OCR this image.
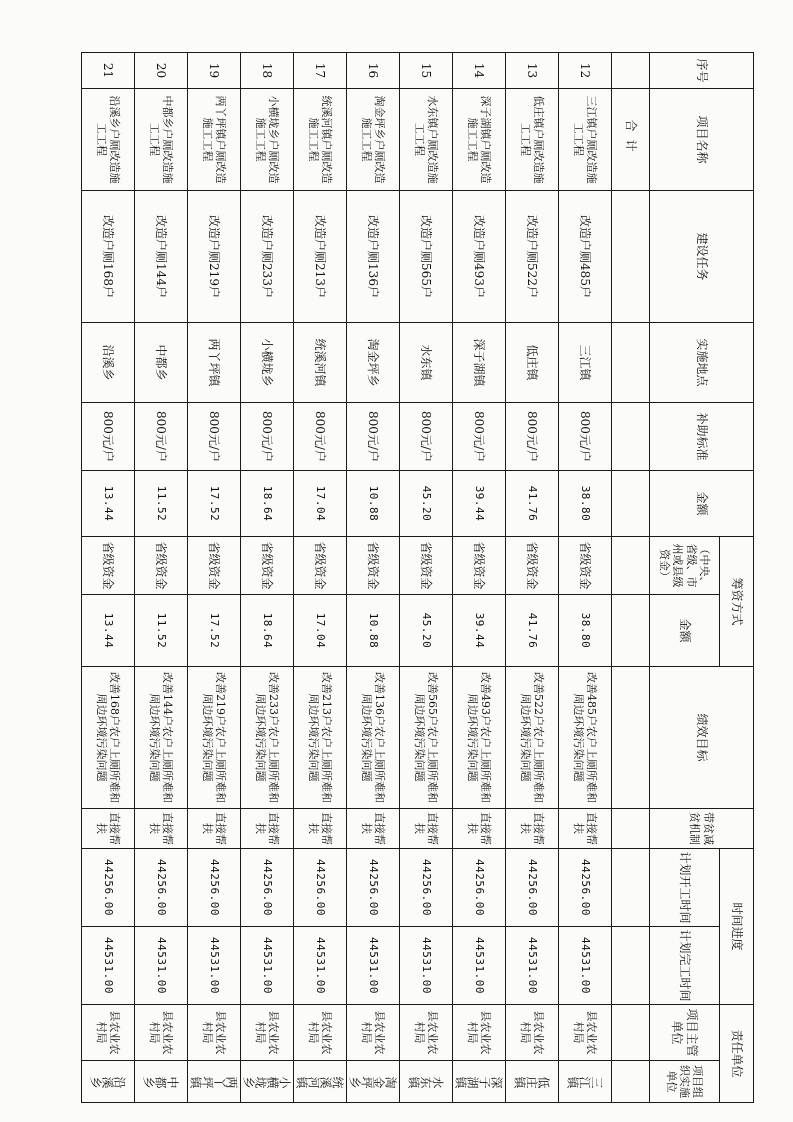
序号	项目名称	建设任务	实施地点	补助标准	金额	筹资方式		绩效目标	带贫减贫机制	时间进度		责任单位	
						（中央、省级、市州或县级资金）	金额			计划开工时间	计划完工时间	项目主管单位	项目组织实施单位
	合计												
12	三江镇户厕改造施工工程	改造户厕485户	三江镇	800元/户	38.80	省级资金	38.80	改善485户农户上厕所难和周边环境污染问题	直接帮扶	44256.00	44531.00	县农业农村局	三江镇
13	低庄镇户厕改造施工工程	改造户厕522户	低庄镇	800元/户	41.76	省级资金	41.76	改善522户农户上厕所难和周边环境污染问题	直接帮扶	44256.00	44531.00	县农业农村局	低庄镇
14	深子湖镇户厕改造施工工程	改造户厕493户	深子湖镇	800元/户	39.44	省级资金	39.44	改善493户农户上厕所难和周边环境污染问题	直接帮扶	44256.00	44531.00	县农业农村局	深子湖镇
15	水东镇户厕改造施工工程	改造户厕565户	水东镇	800元/户	45.20	省级资金	45.20	改善565户农户上厕所难和周边环境污染问题	直接帮扶	44256.00	44531.00	县农业农村局	水东镇
16	淘金坪乡户厕改造施工工程	改造户厕136户	淘金坪乡	800元/户	10.88	省级资金	10.88	改善136户农户上厕所难和周边环境污染问题	直接帮扶	44256.00	44531.00	县农业农村局	淘金坪乡
17	统溪河镇户厕改造施工工程	改造户厕213户	统溪河镇	800元/户	17.04	省级资金	17.04	改善213户农户上厕所难和周边环境污染问题	直接帮扶	44256.00	44531.00	县农业农村局	统溪河镇
18	小横垅乡户厕改造施工工程	改造户厕233户	小横垅乡	800元/户	18.64	省级资金	18.64	改善233户农户上厕所难和周边环境污染问题	直接帮扶	44256.00	44531.00	县农业农村局	小横垅乡
19	两丫坪镇户厕改造施工工程	改造户厕219户	两丫坪镇	800元/户	17.52	省级资金	17.52	改善219户农户上厕所难和周边环境污染问题	直接帮扶	44256.00	44531.00	县农业农村局	两丫坪镇
20	中都乡户厕改造施工工程	改造户厕144户	中都乡	800元/户	11.52	省级资金	11.52	改善144户农户上厕所难和周边环境污染问题	直接帮扶	44256.00	44531.00	县农业农村局	中都乡
21	沿溪乡户厕改造施工工程	改造户厕168户	沿溪乡	800元/户	13.44	省级资金	13.44	改善168户农户上厕所难和周边环境污染问题	直接帮扶	44256.00	44531.00	县农业农村局	沿溪乡
